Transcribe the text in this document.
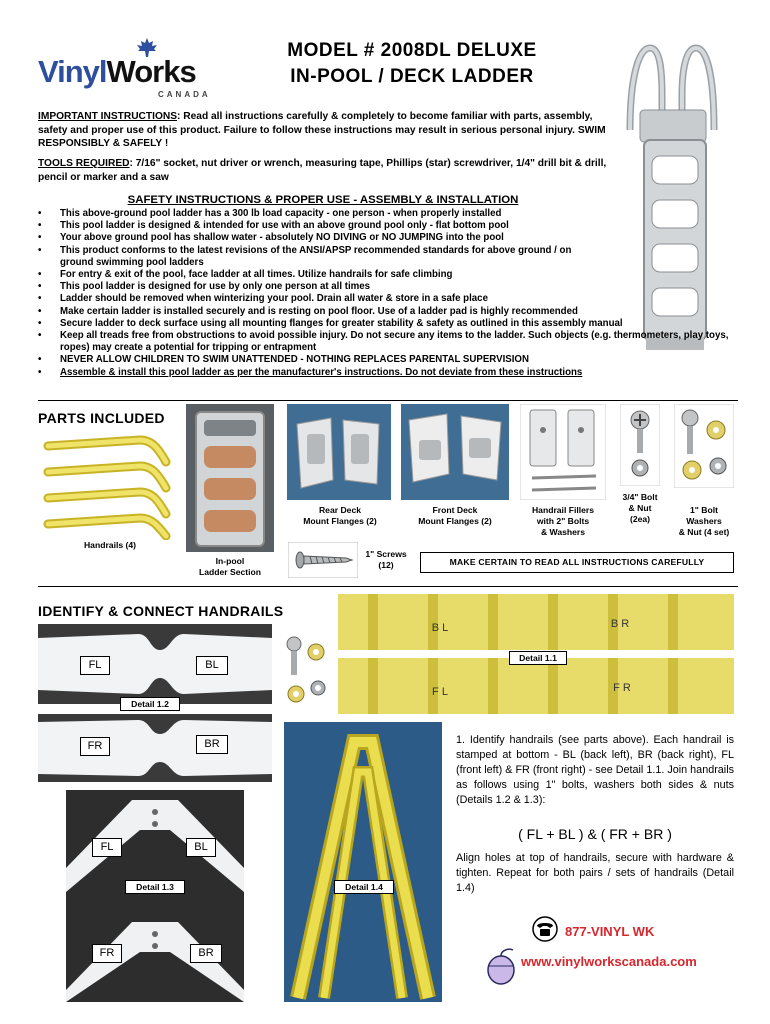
VinylWorks
CANADA
MODEL # 2008DL DELUXE
IN-POOL / DECK LADDER
IMPORTANT INSTRUCTIONS: Read all instructions carefully & completely to become familiar with parts, assembly, safety and proper use of this product. Failure to follow these instructions may result in serious personal injury. SWIM RESPONSIBLY & SAFELY !
TOOLS REQUIRED: 7/16" socket, nut driver or wrench, measuring tape, Phillips (star) screwdriver, 1/4" drill bit & drill, pencil or marker and a saw
SAFETY INSTRUCTIONS & PROPER USE - ASSEMBLY & INSTALLATION
• This above-ground pool ladder has a 300 lb load capacity - one person - when properly installed
• This pool ladder is designed & intended for use with an above ground pool only - flat bottom pool
• Your above ground pool has shallow water - absolutely NO DIVING or NO JUMPING into the pool
• This product conforms to the latest revisions of the ANSI/APSP recommended standards for above ground / on ground swimming pool ladders
• For entry & exit of the pool, face ladder at all times. Utilize handrails for safe climbing
• This pool ladder is designed for use by only one person at all times
• Ladder should be removed when winterizing your pool. Drain all water & store in a safe place
• Make certain ladder is installed securely and is resting on pool floor. Use of a ladder pad is highly recommended
• Secure ladder to deck surface using all mounting flanges for greater stability & safety as outlined in this assembly manual
• Keep all treads free from obstructions to avoid possible injury. Do not secure any items to the ladder. Such objects (e.g. thermometers, play toys, ropes) may create a potential for tripping or entrapment
• NEVER ALLOW CHILDREN TO SWIM UNATTENDED - NOTHING REPLACES PARENTAL SUPERVISION
• Assemble & install this pool ladder as per the manufacturer's instructions. Do not deviate from these instructions
PARTS INCLUDED
Handrails (4)
In-pool
Ladder Section
Rear Deck
Mount Flanges (2)
Front Deck
Mount Flanges (2)
Handrail Fillers
with 2" Bolts
& Washers
3/4" Bolt
& Nut
(2ea)
1" Bolt
Washers
& Nut (4 set)
1" Screws
(12)	MAKE CERTAIN TO READ ALL INSTRUCTIONS CAREFULLY
IDENTIFY & CONNECT HANDRAILS
B L	B R
F L	F R
Detail 1.1
FL	BL
Detail 1.2
FR	BR
FL	BL
Detail 1.3
FR	BR
Detail 1.4
1. Identify handrails (see parts above). Each handrail is stamped at bottom - BL (back left), BR (back right), FL (front left) & FR (front right) - see Detail 1.1. Join handrails as follows using 1" bolts, washers both sides & nuts (Details 1.2 & 1.3):
( FL + BL ) & ( FR + BR )
Align holes at top of handrails, secure with hardware & tighten. Repeat for both pairs / sets of handrails (Detail 1.4)
877-VINYL WK
www.vinylworkscanada.com
